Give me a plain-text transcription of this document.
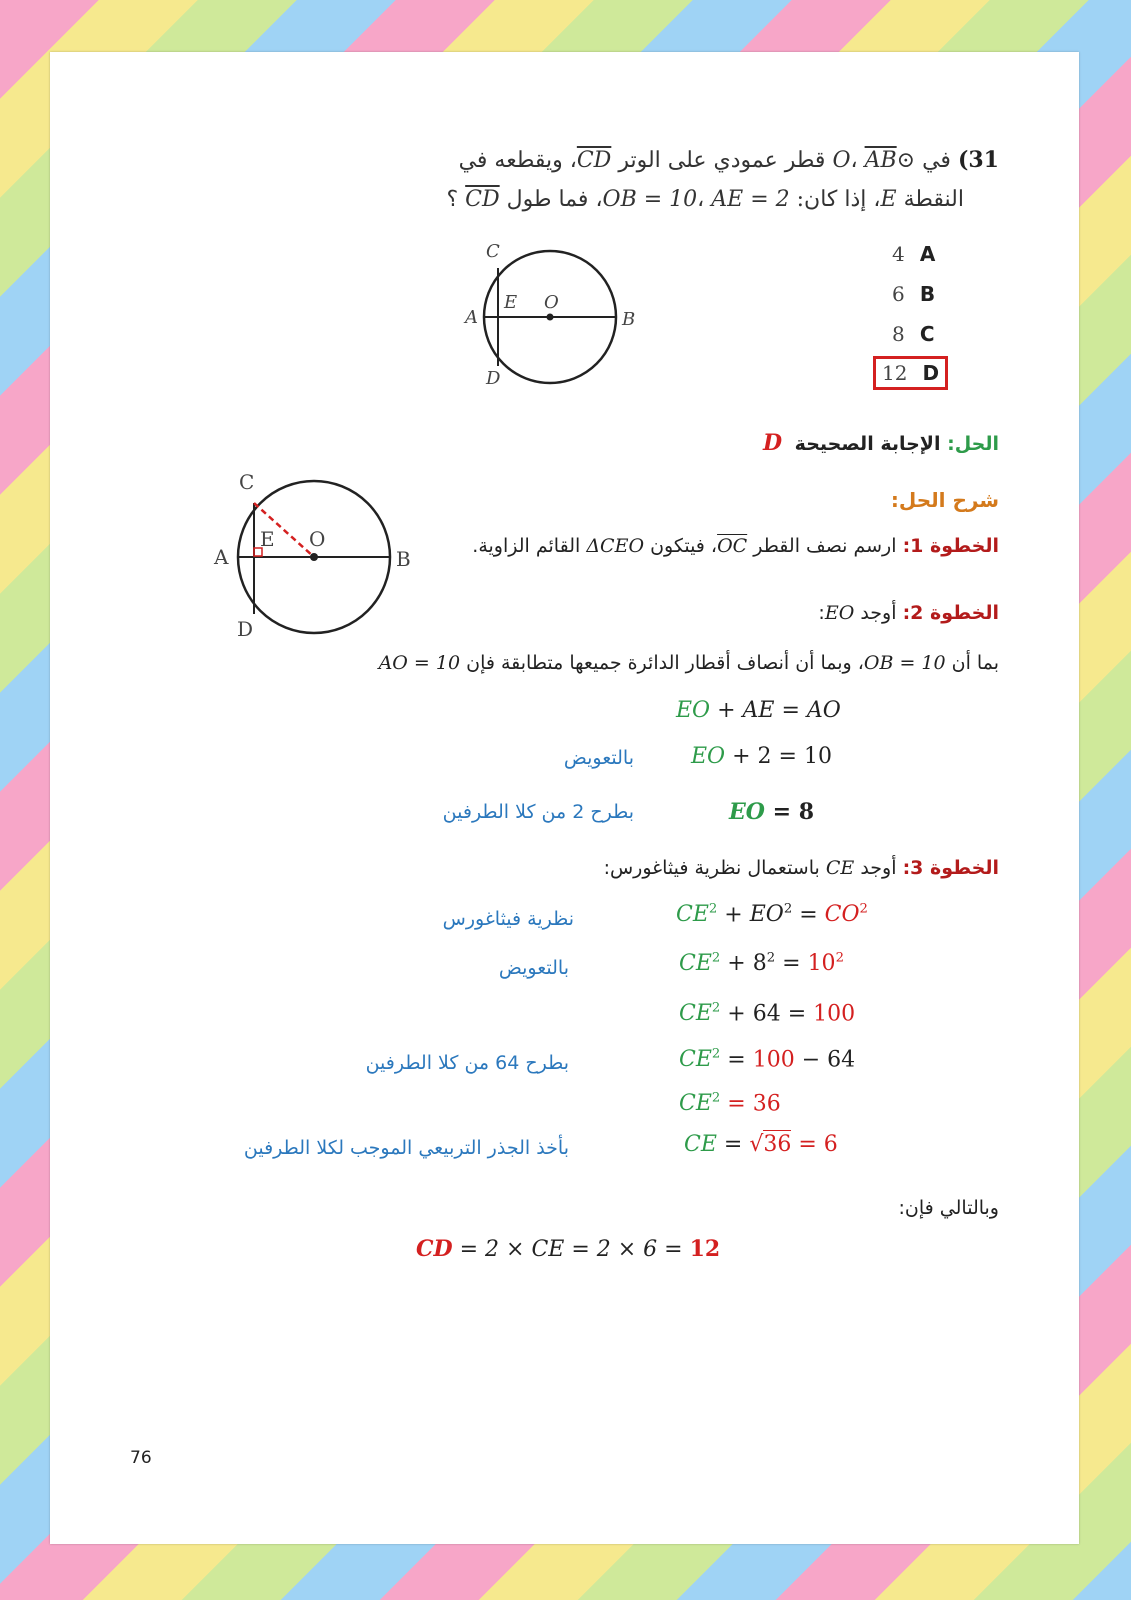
31) في ⊙O، AB قطر عمودي على الوتر CD، ويقطعه في
النقطة E، إذا كان: OB = 10، AE = 2، فما طول CD ؟
C
A
E O
B
D
4 A
6 B
8 C
12 D
الحل: الإجابة الصحيحة D
شرح الحل:
C
A
E O
B
D
الخطوة 1: ارسم نصف القطر OC، فيتكون ΔCEO القائم الزاوية.
الخطوة 2: أوجد EO:
بما أن OB = 10، وبما أن أنصاف أقطار الدائرة جميعها متطابقة فإن AO = 10
EO + AE = AO
EO + 2 = 10
بالتعويض
EO = 8
بطرح 2 من كلا الطرفين
الخطوة 3: أوجد CE باستعمال نظرية فيثاغورس:
$CE^2 + EO^2 = CO^2$
نظرية فيثاغورس
$CE^2 + 8^2 = 10^2$
بالتعويض
$CE^2 + 64 = 100$
$CE^2 = 100 - 64$
بطرح 64 من كلا الطرفين
$CE^2 = 36$
CE = √36 = 6
بأخذ الجذر التربيعي الموجب لكلا الطرفين
وبالتالي فإن:
CD = 2 × CE = 2 × 6 = 12
76
